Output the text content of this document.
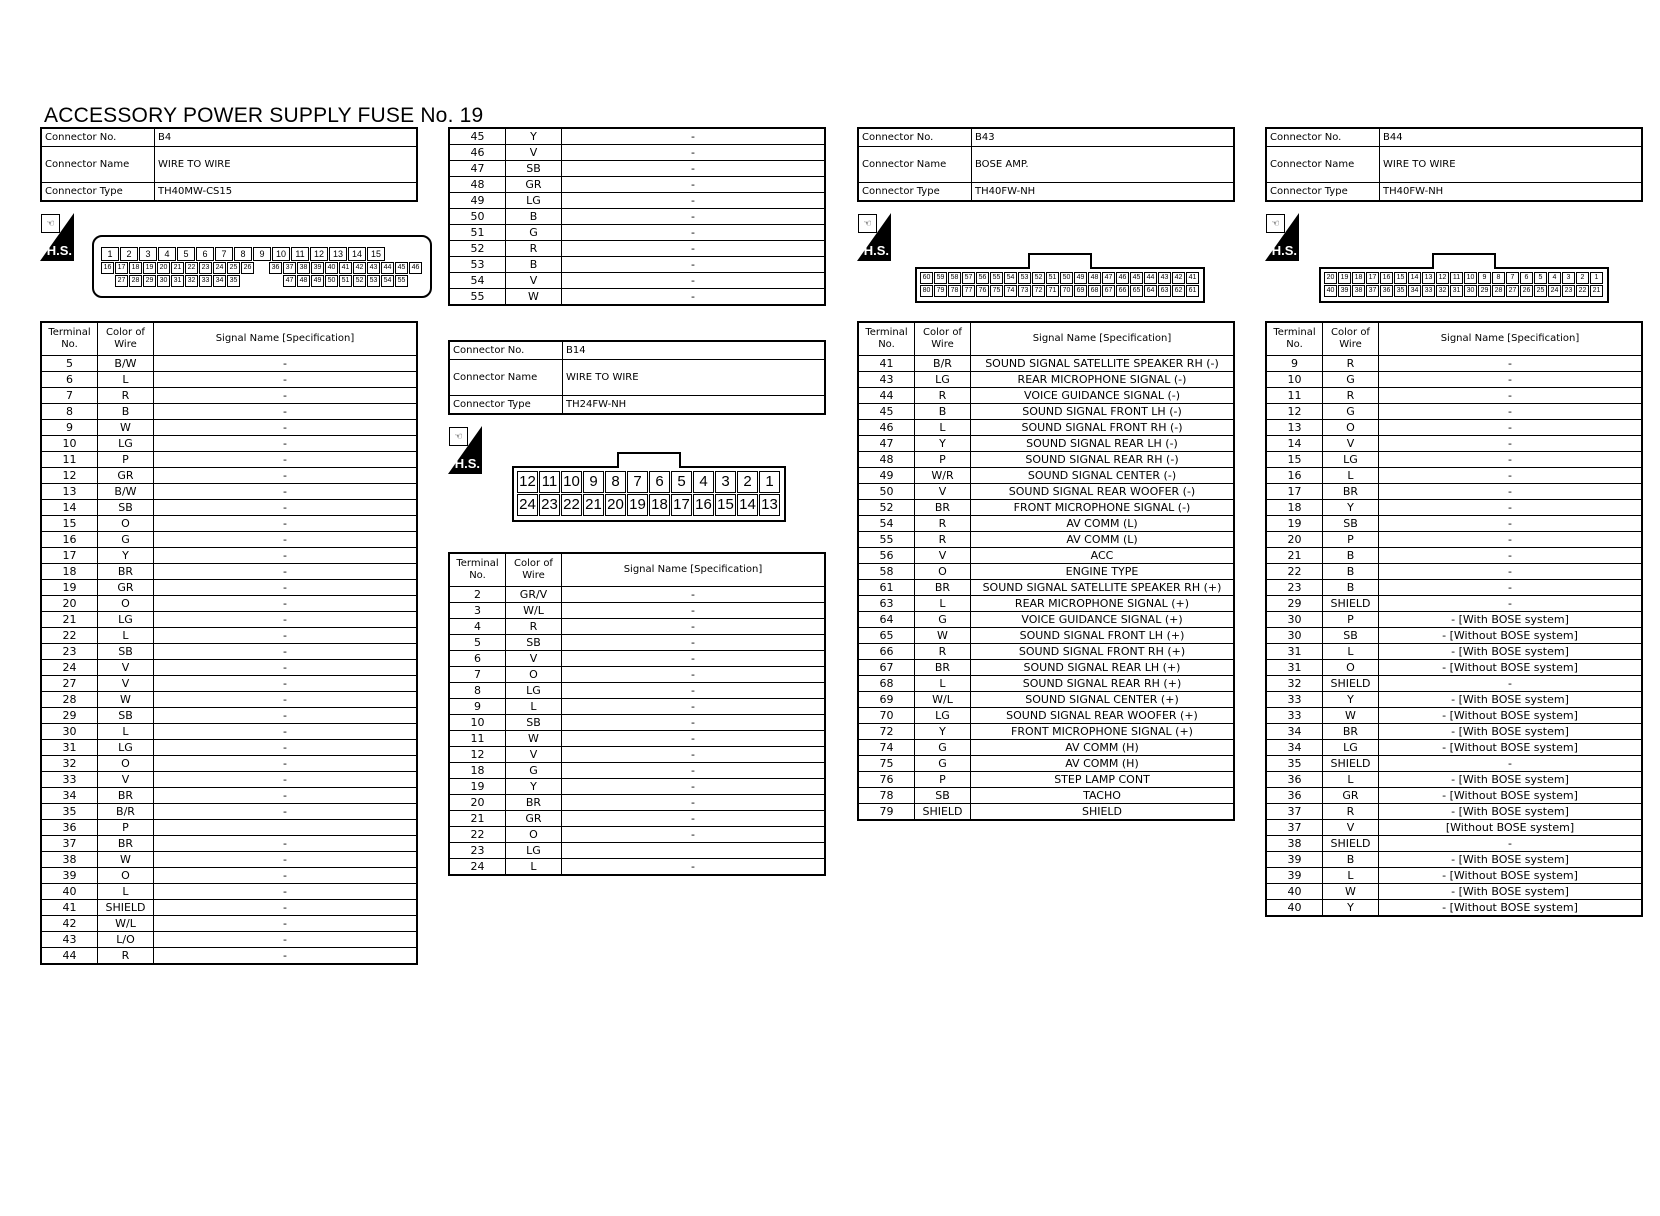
ACCESSORY POWER SUPPLY FUSE No. 19
Connector No.	B4
Connector Name	WIRE TO WIRE
Connector Type	TH40MW-CS15
☜
H.S.	1	2	3	4	5	6	7	8	9	10	11	12 13 14 15
16 17 18 19 20 21 22 23 24 25 26	36 37 38 39 40 41 42 43 44 45 46
27 28 29 30 31 32 33 34 35	47 48 49 50 51 52 53 54 55
Terminal No.	Color of Wire	Signal Name [Specification]
5	B/W	-
6	L	-
7	R	-
8	B	-
9	W	-
10	LG	-
11	P	-
12	GR	-
13	B/W	-
14	SB	-
15	O	-
16	G	-
17	Y	-
18	BR	-
19	GR	-
20	O	-
21	LG	-
22	L	-
23	SB	-
24	V	-
27	V	-
28	W	-
29	SB	-
30	L	-
31	LG	-
32	O	-
33	V	-
34	BR	-
35	B/R	-
36	P	
37	BR	-
38	W	-
39	O	-
40	L	-
41	SHIELD	-
42	W/L	-
43	L/O	-
44	R	-
45	Y	-
46	V	-
47	SB	-
48	GR	-
49	LG	-
50	B	-
51	G	-
52	R	-
53	B	-
54	V	-
55	W	-
Connector No.	B14
Connector Name	WIRE TO WIRE
Connector Type	TH24FW-NH
☜
H.S.
12 11 10 9 8 7 6 5 4 3 2 1
24 23 22 21 20 19 18 17 16 15 14 13
Terminal No.	Color of Wire	Signal Name [Specification]
2	GR/V	-
3	W/L	-
4	R	-
5	SB	-
6	V	-
7	O	-
8	LG	-
9	L	-
10	SB	-
11	W	-
12	V	-
18	G	-
19	Y	-
20	BR	-
21	GR	-
22	O	-
23	LG	
24	L	-
Connector No.	B43
Connector Name	BOSE AMP.
Connector Type	TH40FW-NH
☜
H.S.
60 59 58 57 56 55 54 53 52 51 50 49 48 47 46 45 44 43 42 41
80 79 78 77 76 75 74 73 72 71 70 69 68 67 66 65 64 63 62 61
Terminal No.	Color of Wire	Signal Name [Specification]
41	B/R	SOUND SIGNAL SATELLITE SPEAKER RH (-)
43	LG	REAR MICROPHONE SIGNAL (-)
44	R	VOICE GUIDANCE SIGNAL (-)
45	B	SOUND SIGNAL FRONT LH (-)
46	L	SOUND SIGNAL FRONT RH (-)
47	Y	SOUND SIGNAL REAR LH (-)
48	P	SOUND SIGNAL REAR RH (-)
49	W/R	SOUND SIGNAL CENTER (-)
50	V	SOUND SIGNAL REAR WOOFER (-)
52	BR	FRONT MICROPHONE SIGNAL (-)
54	R	AV COMM (L)
55	R	AV COMM (L)
56	V	ACC
58	O	ENGINE TYPE
61	BR	SOUND SIGNAL SATELLITE SPEAKER RH (+)
63	L	REAR MICROPHONE SIGNAL (+)
64	G	VOICE GUIDANCE SIGNAL (+)
65	W	SOUND SIGNAL FRONT LH (+)
66	R	SOUND SIGNAL FRONT RH (+)
67	BR	SOUND SIGNAL REAR LH (+)
68	L	SOUND SIGNAL REAR RH (+)
69	W/L	SOUND SIGNAL CENTER (+)
70	LG	SOUND SIGNAL REAR WOOFER (+)
72	Y	FRONT MICROPHONE SIGNAL (+)
74	G	AV COMM (H)
75	G	AV COMM (H)
76	P	STEP LAMP CONT
78	SB	TACHO
79	SHIELD	SHIELD
Connector No.	B44
Connector Name	WIRE TO WIRE
Connector Type	TH40FW-NH
☜
H.S.
20 19 18 17 16 15 14 13 12 11 10	9	8	7	6	5	4	3	2	1
40 39 38 37 36 35 34 33 32 31 30 29 28 27 26 25 24 23 22 21
Terminal No.	Color of Wire	Signal Name [Specification]
9	R	-
10	G	-
11	R	-
12	G	-
13	O	-
14	V	-
15	LG	-
16	L	-
17	BR	-
18	Y	-
19	SB	-
20	P	-
21	B	-
22	B	-
23	B	-
29	SHIELD	-
30	P	- [With BOSE system]
30	SB	- [Without BOSE system]
31	L	- [With BOSE system]
31	O	- [Without BOSE system]
32	SHIELD	-
33	Y	- [With BOSE system]
33	W	- [Without BOSE system]
34	BR	- [With BOSE system]
34	LG	- [Without BOSE system]
35	SHIELD	-
36	L	- [With BOSE system]
36	GR	- [Without BOSE system]
37	R	- [With BOSE system]
37	V	[Without BOSE system]
38	SHIELD	-
39	B	- [With BOSE system]
39	L	- [Without BOSE system]
40	W	- [With BOSE system]
40	Y	- [Without BOSE system]
